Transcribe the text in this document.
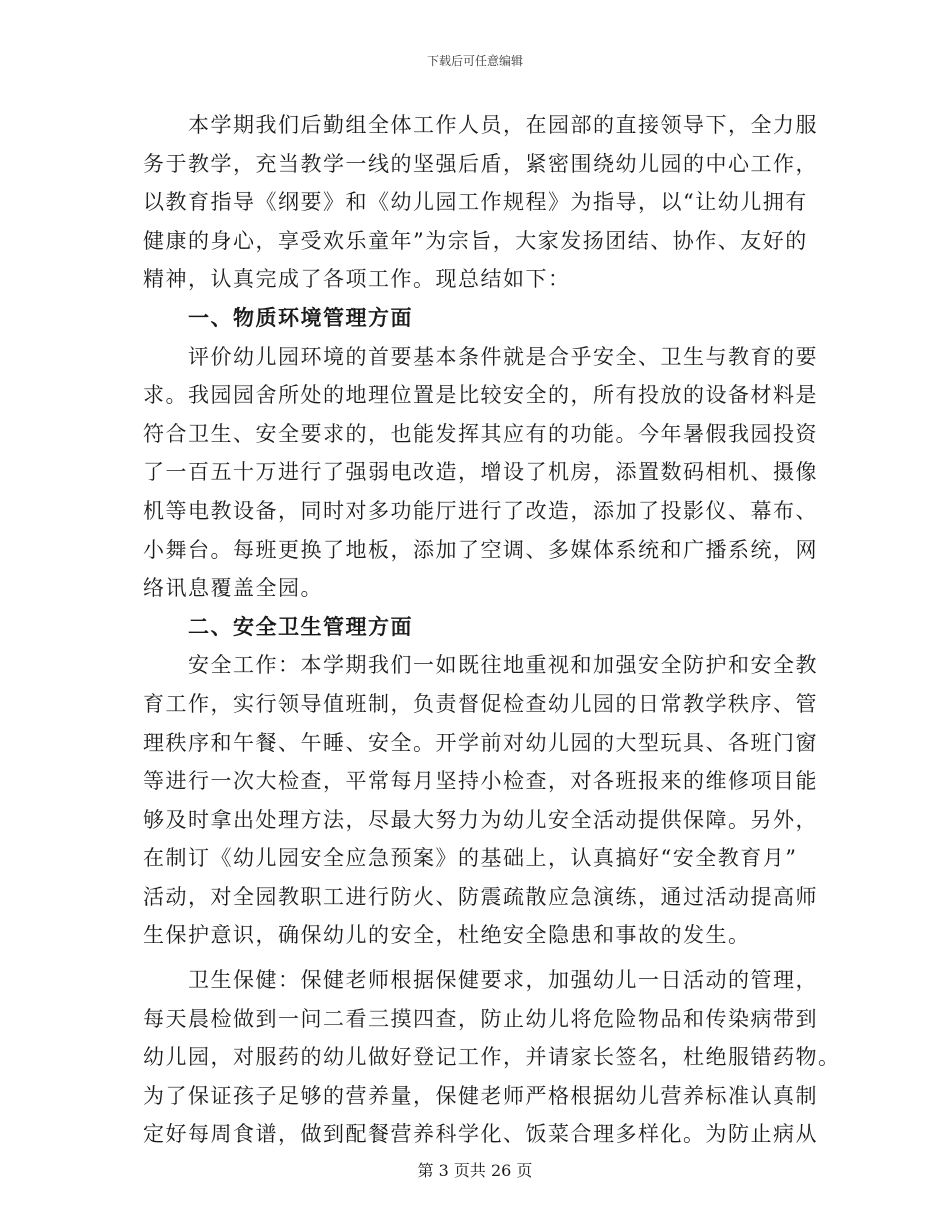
下载后可任意编辑
本学期我们后勤组全体工作人员，在园部的直接领导下，全力服
务于教学，充当教学一线的坚强后盾，紧密围绕幼儿园的中心工作，
以教育指导《纲要》和《幼儿园工作规程》为指导，以“让幼儿拥有
健康的身心，享受欢乐童年”为宗旨，大家发扬团结、协作、友好的
精神，认真完成了各项工作。现总结如下：
一、物质环境管理方面
评价幼儿园环境的首要基本条件就是合乎安全、卫生与教育的要
求。我园园舍所处的地理位置是比较安全的，所有投放的设备材料是
符合卫生、安全要求的，也能发挥其应有的功能。今年暑假我园投资
了一百五十万进行了强弱电改造，增设了机房，添置数码相机、摄像
机等电教设备，同时对多功能厅进行了改造，添加了投影仪、幕布、
小舞台。每班更换了地板，添加了空调、多媒体系统和广播系统，网
络讯息覆盖全园。
二、安全卫生管理方面
安全工作：本学期我们一如既往地重视和加强安全防护和安全教
育工作，实行领导值班制，负责督促检查幼儿园的日常教学秩序、管
理秩序和午餐、午睡、安全。开学前对幼儿园的大型玩具、各班门窗
等进行一次大检查，平常每月坚持小检查，对各班报来的维修项目能
够及时拿出处理方法，尽最大努力为幼儿安全活动提供保障。另外，
在制订《幼儿园安全应急预案》的基础上，认真搞好“安全教育月”
活动，对全园教职工进行防火、防震疏散应急演练，通过活动提高师
生保护意识，确保幼儿的安全，杜绝安全隐患和事故的发生。
卫生保健：保健老师根据保健要求，加强幼儿一日活动的管理，
每天晨检做到一问二看三摸四查，防止幼儿将危险物品和传染病带到
幼儿园，对服药的幼儿做好登记工作，并请家长签名，杜绝服错药物。
为了保证孩子足够的营养量，保健老师严格根据幼儿营养标准认真制
定好每周食谱，做到配餐营养科学化、饭菜合理多样化。为防止病从
第 3 页共 26 页
